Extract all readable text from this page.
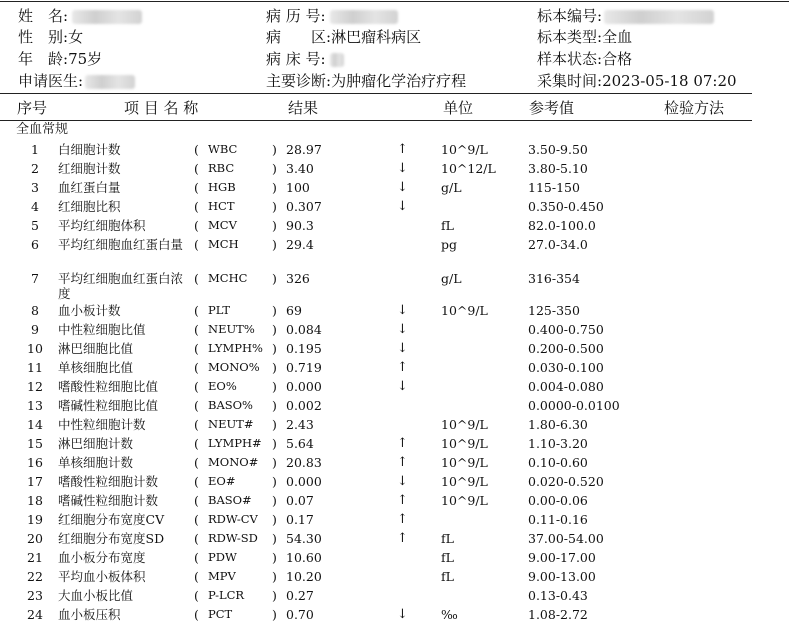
姓　名:
性　别:女
年　龄:75岁
申请医生:
病 历 号:
病　　区:淋巴瘤科病区
病 床 号:
主要诊断:为肿瘤化学治疗疗程
标本编号:
标本类型:全血
样本状态:合格
采集时间:2023-05-18 07:20
序号	项 目 名 称	结果	单位	参考值	检验方法
全血常规
1	白细胞计数	( WBC	) 28.97	↑	10^9/L	3.50-9.50
2	红细胞计数	( RBC	) 3.40	↓	10^12/L	3.80-5.10
3	血红蛋白量	( HGB	) 100	↓	g/L	115-150
4	红细胞比积	( HCT	) 0.307	↓	0.350-0.450
5	平均红细胞体积	( MCV	) 90.3	fL	82.0-100.0
6	平均红细胞血红蛋白量 ( MCH	) 29.4	pg	27.0-34.0
7	平均红细胞血红蛋白浓度
( MCHC ) 326	g/L	316-354
8	血小板计数	( PLT	) 69	↓	10^9/L	125-350
9	中性粒细胞比值	( NEUT% ) 0.084	↓	0.400-0.750
10	淋巴细胞比值	( LYMPH% ) 0.195	↓	0.200-0.500
11	单核细胞比值	( MONO% ) 0.719	↑	0.030-0.100
12	嗜酸性粒细胞比值	( EO%	) 0.000	↓	0.004-0.080
13	嗜碱性粒细胞比值	( BASO% ) 0.002	0.0000-0.0100
14	中性粒细胞计数	( NEUT# ) 2.43	10^9/L	1.80-6.30
15	淋巴细胞计数	( LYMPH# ) 5.64	↑	10^9/L	1.10-3.20
16	单核细胞计数	( MONO# ) 20.83	↑	10^9/L	0.10-0.60
17	嗜酸性粒细胞计数	( EO#	) 0.000	↓	10^9/L	0.020-0.520
18	嗜碱性粒细胞计数	( BASO# ) 0.07	↑	10^9/L	0.00-0.06
19	红细胞分布宽度CV	( RDW-CV ) 0.17	↑	0.11-0.16
20	红细胞分布宽度SD	( RDW-SD ) 54.30	↑	fL	37.00-54.00
21	血小板分布宽度	( PDW	) 10.60	fL	9.00-17.00
22	平均血小板体积	( MPV	) 10.20	fL	9.00-13.00
23	大血小板比值	( P-LCR ) 0.27	0.13-0.43
24	血小板压积	( PCT	) 0.70	↓	‰	1.08-2.72
